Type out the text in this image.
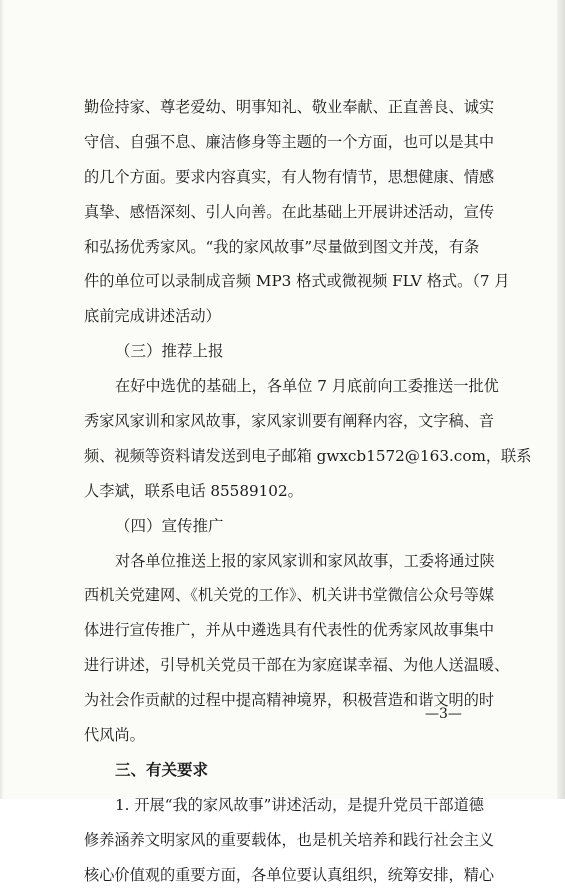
勤俭持家、尊老爱幼、明事知礼、敬业奉献、正直善良、诚实
守信、自强不息、廉洁修身等主题的一个方面，也可以是其中
的几个方面。要求内容真实，有人物有情节，思想健康、情感
真挚、感悟深刻、引人向善。在此基础上开展讲述活动，宣传
和弘扬优秀家风。“我的家风故事”尽量做到图文并茂，有条
件的单位可以录制成音频 MP3 格式或微视频 FLV 格式。（7 月
底前完成讲述活动）
（三）推荐上报
在好中选优的基础上，各单位 7 月底前向工委推送一批优
秀家风家训和家风故事，家风家训要有阐释内容，文字稿、音
频、视频等资料请发送到电子邮箱 gwxcb1572@163.com，联系
人李斌，联系电话 85589102。
（四）宣传推广
对各单位推送上报的家风家训和家风故事，工委将通过陕
西机关党建网、《机关党的工作》、机关讲书堂微信公众号等媒
体进行宣传推广，并从中遴选具有代表性的优秀家风故事集中
进行讲述，引导机关党员干部在为家庭谋幸福、为他人送温暖、
为社会作贡献的过程中提高精神境界，积极营造和谐文明的时
代风尚。
三、有关要求
1. 开展“我的家风故事”讲述活动，是提升党员干部道德
修养涵养文明家风的重要载体，也是机关培养和践行社会主义
核心价值观的重要方面，各单位要认真组织，统筹安排，精心
—3—
